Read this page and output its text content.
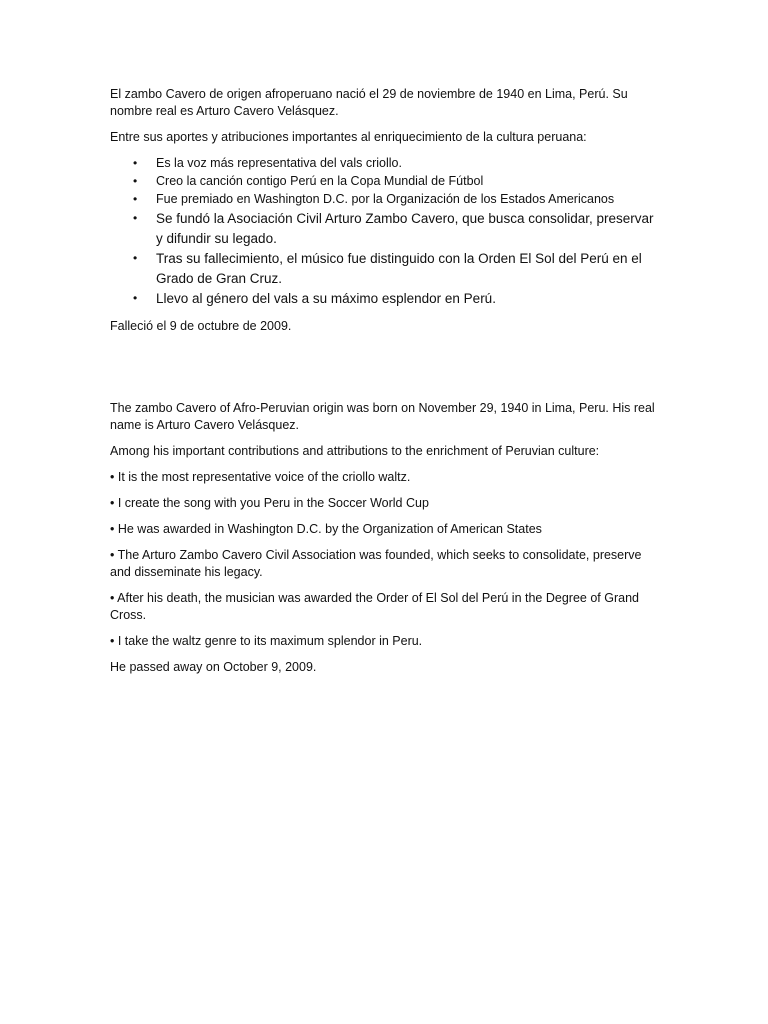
El zambo Cavero de origen afroperuano nació el 29 de noviembre de 1940 en Lima, Perú. Su nombre real es Arturo Cavero Velásquez.

Entre sus aportes y atribuciones importantes al enriquecimiento de la cultura peruana:

• Es la voz más representativa del vals criollo.
• Creo la canción contigo Perú en la Copa Mundial de Fútbol
• Fue premiado en Washington D.C. por la Organización de los Estados Americanos
• Se fundó la Asociación Civil Arturo Zambo Cavero, que busca consolidar, preservar y difundir su legado.
• Tras su fallecimiento, el músico fue distinguido con la Orden El Sol del Perú en el Grado de Gran Cruz.
• Llevo al género del vals a su máximo esplendor en Perú.

Falleció el 9 de octubre de 2009.

The zambo Cavero of Afro-Peruvian origin was born on November 29, 1940 in Lima, Peru. His real name is Arturo Cavero Velásquez.

Among his important contributions and attributions to the enrichment of Peruvian culture:

• It is the most representative voice of the criollo waltz.

• I create the song with you Peru in the Soccer World Cup

• He was awarded in Washington D.C. by the Organization of American States

• The Arturo Zambo Cavero Civil Association was founded, which seeks to consolidate, preserve and disseminate his legacy.

• After his death, the musician was awarded the Order of El Sol del Perú in the Degree of Grand Cross.

• I take the waltz genre to its maximum splendor in Peru.

He passed away on October 9, 2009.
